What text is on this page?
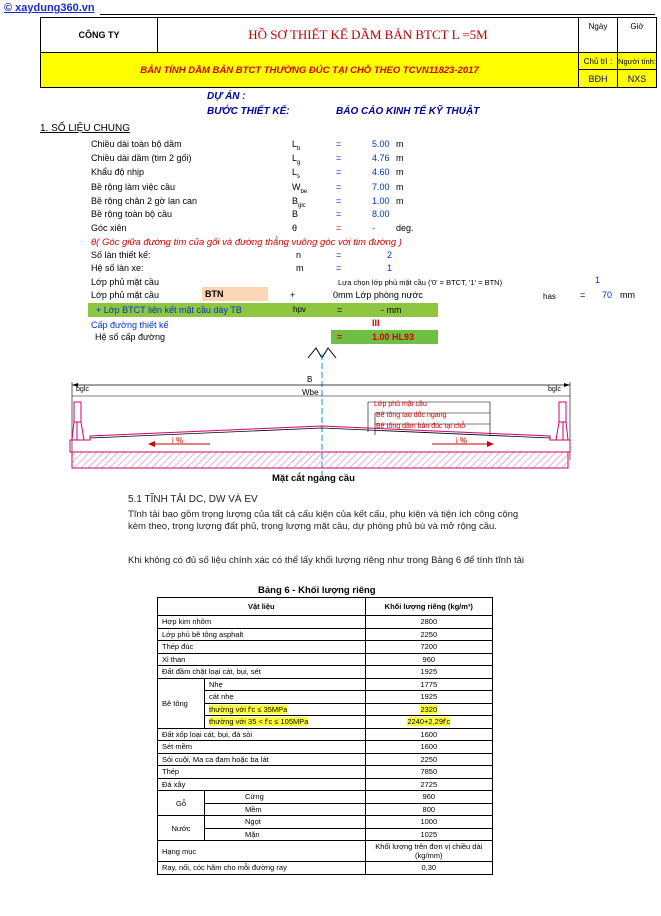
© xaydung360.vn
CÔNG TY	HỒ SƠ THIẾT KẾ DẦM BẢN BTCT L =5M
Ngày	Giờ
BẢN TÍNH DẦM BẢN BTCT THƯỜNG ĐÚC TẠI CHỖ THEO TCVN11823-2017
Chủ trì : Người tính:
BĐH NXS
DỰ ÁN :
BƯỚC THIẾT KẾ:	BÁO CÁO KINH TẾ KỸ THUẬT
1. SỐ LIỆU CHUNG
Chiều dài toàn bộ dầm	$L_b$	=	5.00 m
Chiều dài dầm (tim 2 gối)	$L_g$	=	4.76 m
Khẩu độ nhịp	$L_s$	=	4.60 m
Bề rộng làm việc cầu	$W_{be}$	=	7.00 m
Bề rộng chân 2 gờ lan can	$B_{glc}$	=	1.00 m
Bề rộng toàn bộ cầu	B	=	8.00
Góc xiên	θ	=	- deg.
θ( Góc giữa đường tim của gối và đường thẳng vuông góc với tim đường )
Số làn thiết kế:	n	=	2
Hệ số làn xe:	m	=	1
Lớp phủ mặt cầu	Lựa chọn lớp phủ mặt cầu ('0' = BTCT, '1' = BTN)	1
Lớp phủ mặt cầu	BTN	+	0mm Lớp phòng nước	has	= 70 mm
+ Lớp BTCT liên kết mặt cầu dày TB	hpv	=	- mm
Cấp đường thiết kế	III
Hệ số cấp đường	=	1.00 HL93
B
bglc	bglc
Wbe
Lớp phủ mặt cầu
Bê tông tạo dốc ngang
Bê tông dầm bản đúc tại chỗ
i %	i %
Mặt cắt ngang cầu
5.1 TĨNH TẢI DC, DW VÀ EV

Tĩnh tải bao gồm trọng lượng của tất cả cấu kiện của kết cấu, phụ kiện và tiện ích công cộng kèm theo, trọng lượng đất phủ, trọng lượng mặt cầu, dự phòng phủ bù và mở rộng cầu.

Khi không có đủ số liệu chính xác có thể lấy khối lượng riêng như trong Bảng 6 để tính tĩnh tải

Bảng 6 - Khối lượng riêng
Vật liệu		Khối lượng riêng (kg/m³)
Hợp kim nhôm		2800
Lớp phủ bê tông asphalt		2250
Thép đúc		7200
Xỉ than		960
Đất đầm chặt loại cát, bụi, sét		1925
Bê tông	Nhẹ	1775
	cát nhẹ	1925
	thường với f'c ≤ 35MPa	2320
	thường với 35 < f'c ≤ 105MPa	2240+2,29f'c
Đất xốp loại cát, bụi, đá sỏi		1600
Sét mềm		1600
Sỏi cuội, Ma ca đam hoặc ba lát		2250
Thép		7850
Đá xây		2725
Gỗ	Cứng	960
	Mềm	800
Nước	Ngọt	1000
	Mặn	1025
Hạng mục		Khối lượng trên đơn vị chiều dài (kg/mm)
Ray, nối, cóc hãm cho mỗi đường ray		0,30
